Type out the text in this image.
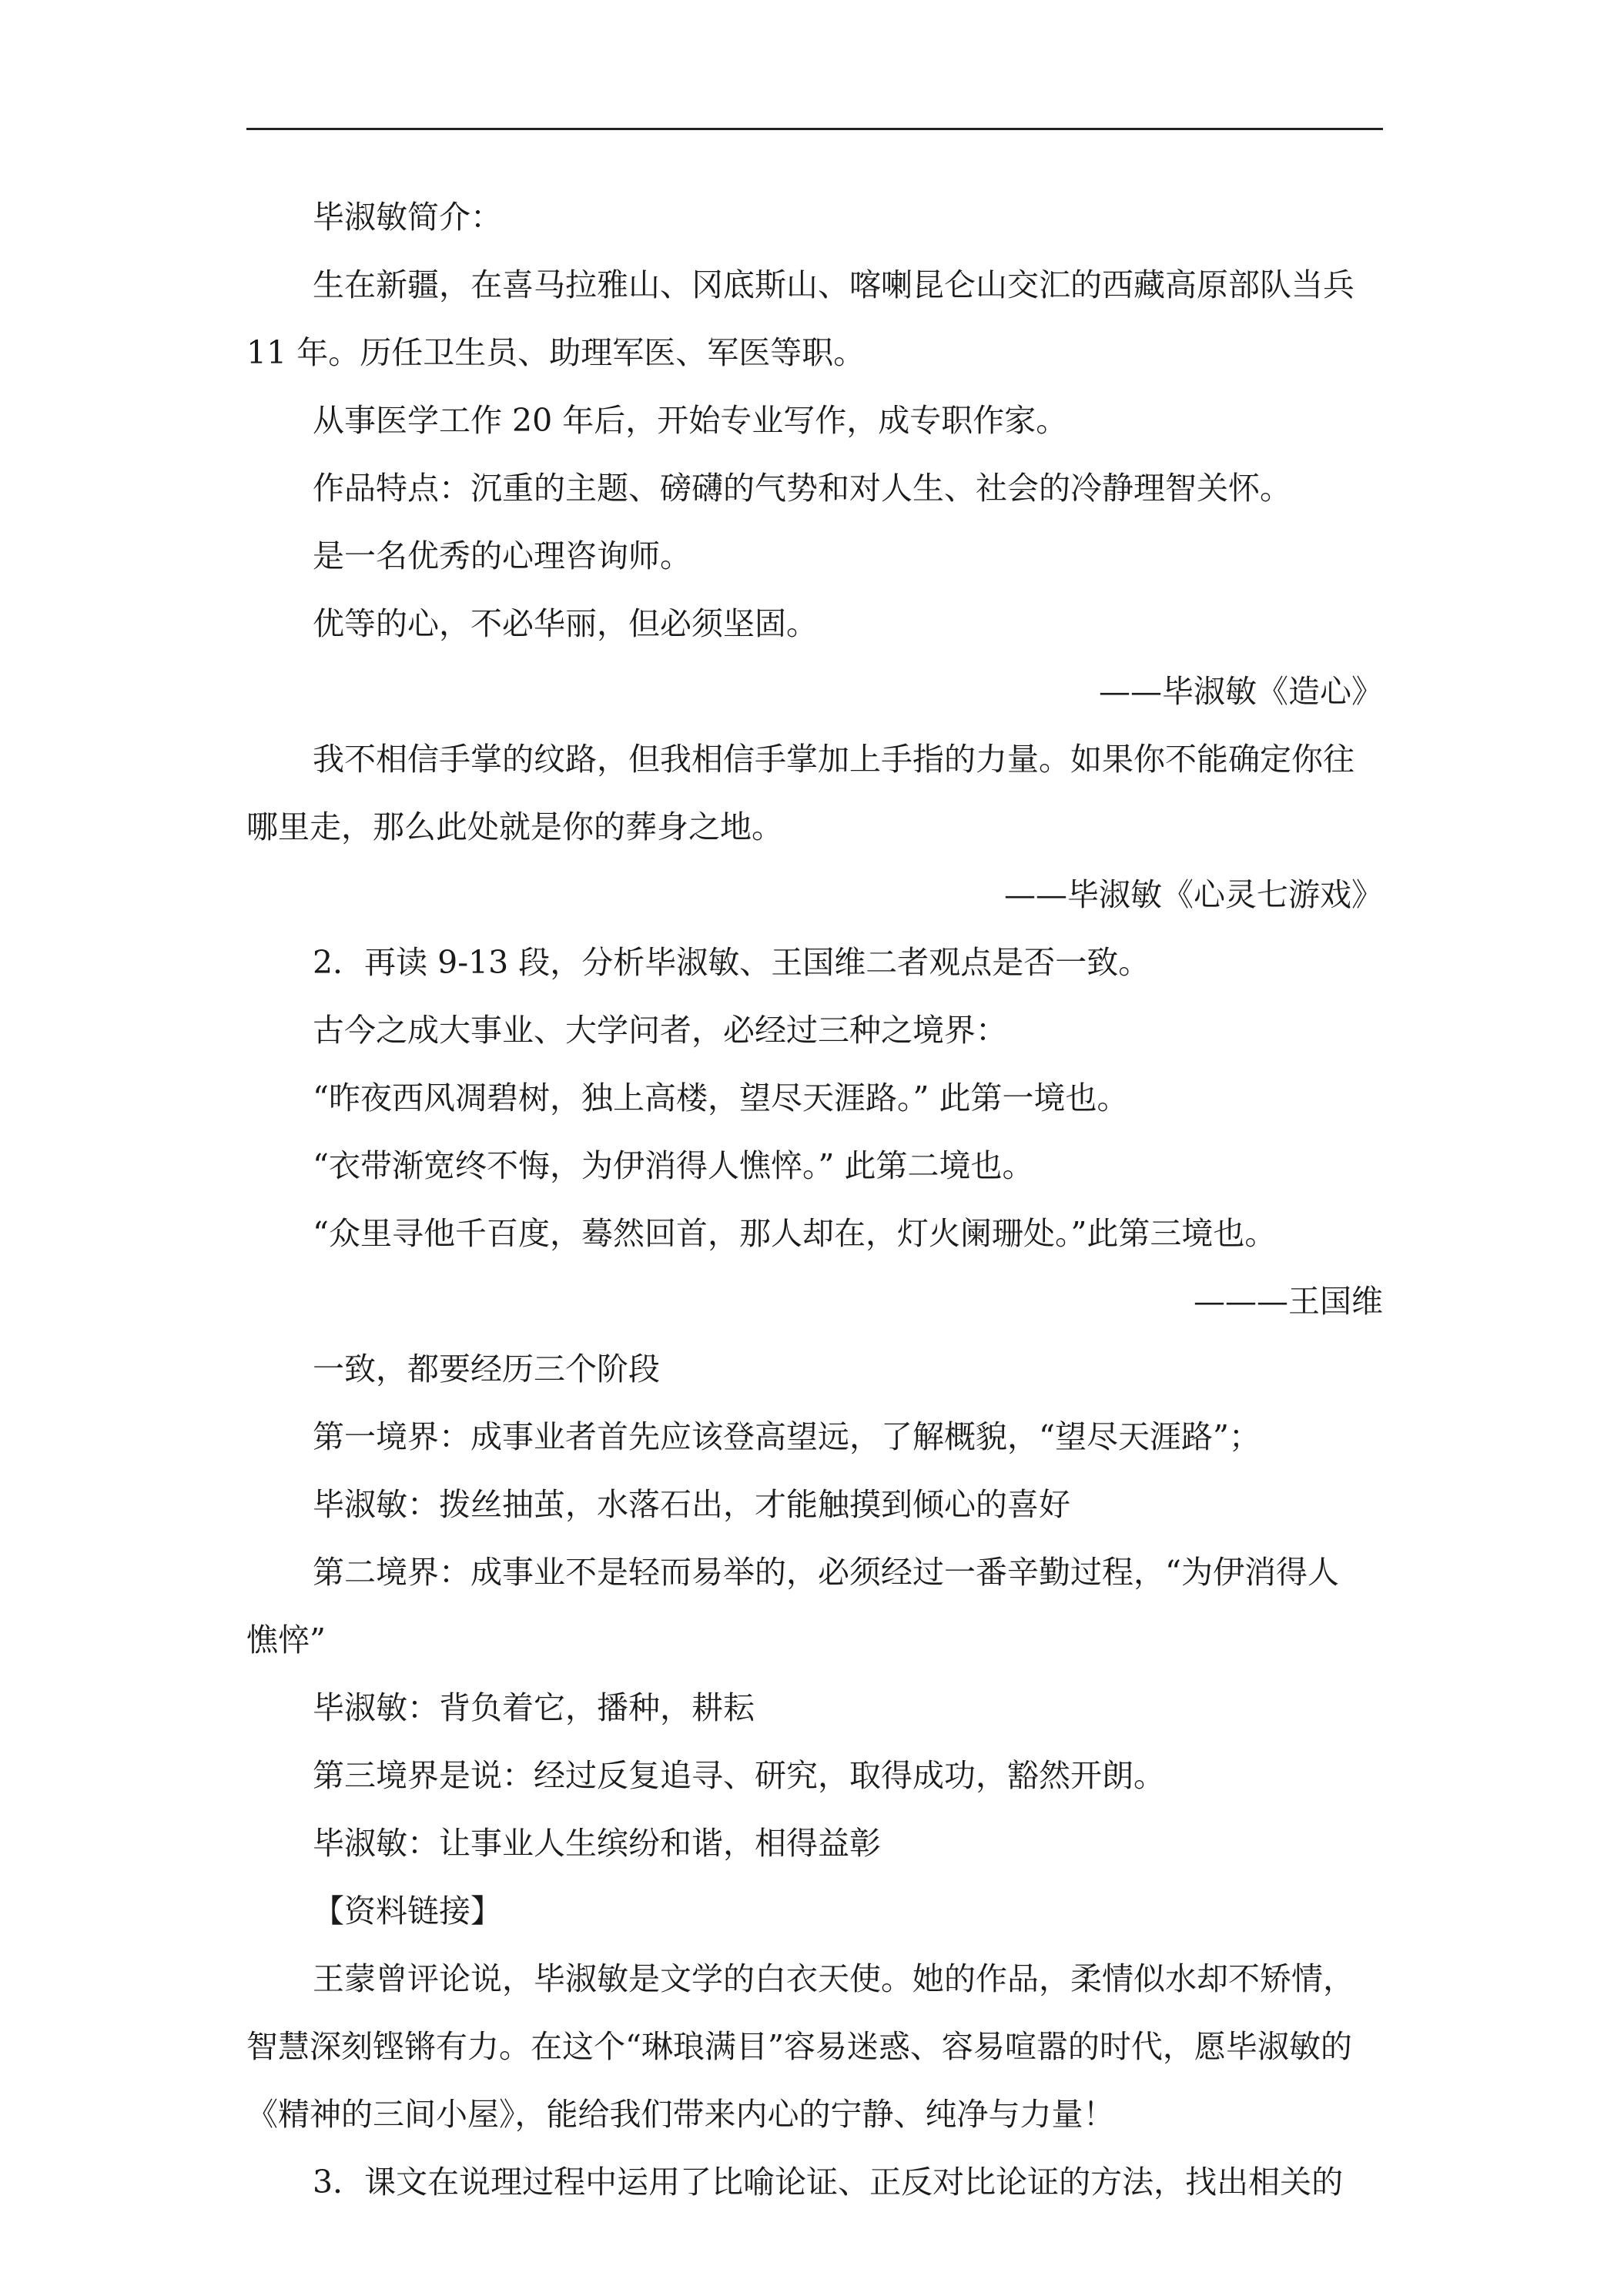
毕淑敏简介：

生在新疆，在喜马拉雅山、冈底斯山、喀喇昆仑山交汇的西藏高原部队当兵

11 年。历任卫生员、助理军医、军医等职。

从事医学工作 20 年后，开始专业写作，成专职作家。

作品特点：沉重的主题、磅礴的气势和对人生、社会的冷静理智关怀。

是一名优秀的心理咨询师。

优等的心，不必华丽，但必须坚固。

——毕淑敏《造心》

我不相信手掌的纹路，但我相信手掌加上手指的力量。如果你不能确定你往

哪里走，那么此处就是你的葬身之地。

——毕淑敏《心灵七游戏》

2．再读 9-13 段，分析毕淑敏、王国维二者观点是否一致。

古今之成大事业、大学问者，必经过三种之境界：

“昨夜西风凋碧树，独上高楼，望尽天涯路。” 此第一境也。

“衣带渐宽终不悔，为伊消得人憔悴。” 此第二境也。

“众里寻他千百度，蓦然回首，那人却在，灯火阑珊处。”此第三境也。

———王国维

一致，都要经历三个阶段

第一境界：成事业者首先应该登高望远，了解概貌，“望尽天涯路”；

毕淑敏：拨丝抽茧，水落石出，才能触摸到倾心的喜好

第二境界：成事业不是轻而易举的，必须经过一番辛勤过程，“为伊消得人

憔悴”

毕淑敏：背负着它，播种，耕耘

第三境界是说：经过反复追寻、研究，取得成功，豁然开朗。

毕淑敏：让事业人生缤纷和谐，相得益彰

【资料链接】

王蒙曾评论说，毕淑敏是文学的白衣天使。她的作品，柔情似水却不矫情，

智慧深刻铿锵有力。在这个“琳琅满目”容易迷惑、容易喧嚣的时代，愿毕淑敏的

《精神的三间小屋》，能给我们带来内心的宁静、纯净与力量！

3．课文在说理过程中运用了比喻论证、正反对比论证的方法，找出相关的
